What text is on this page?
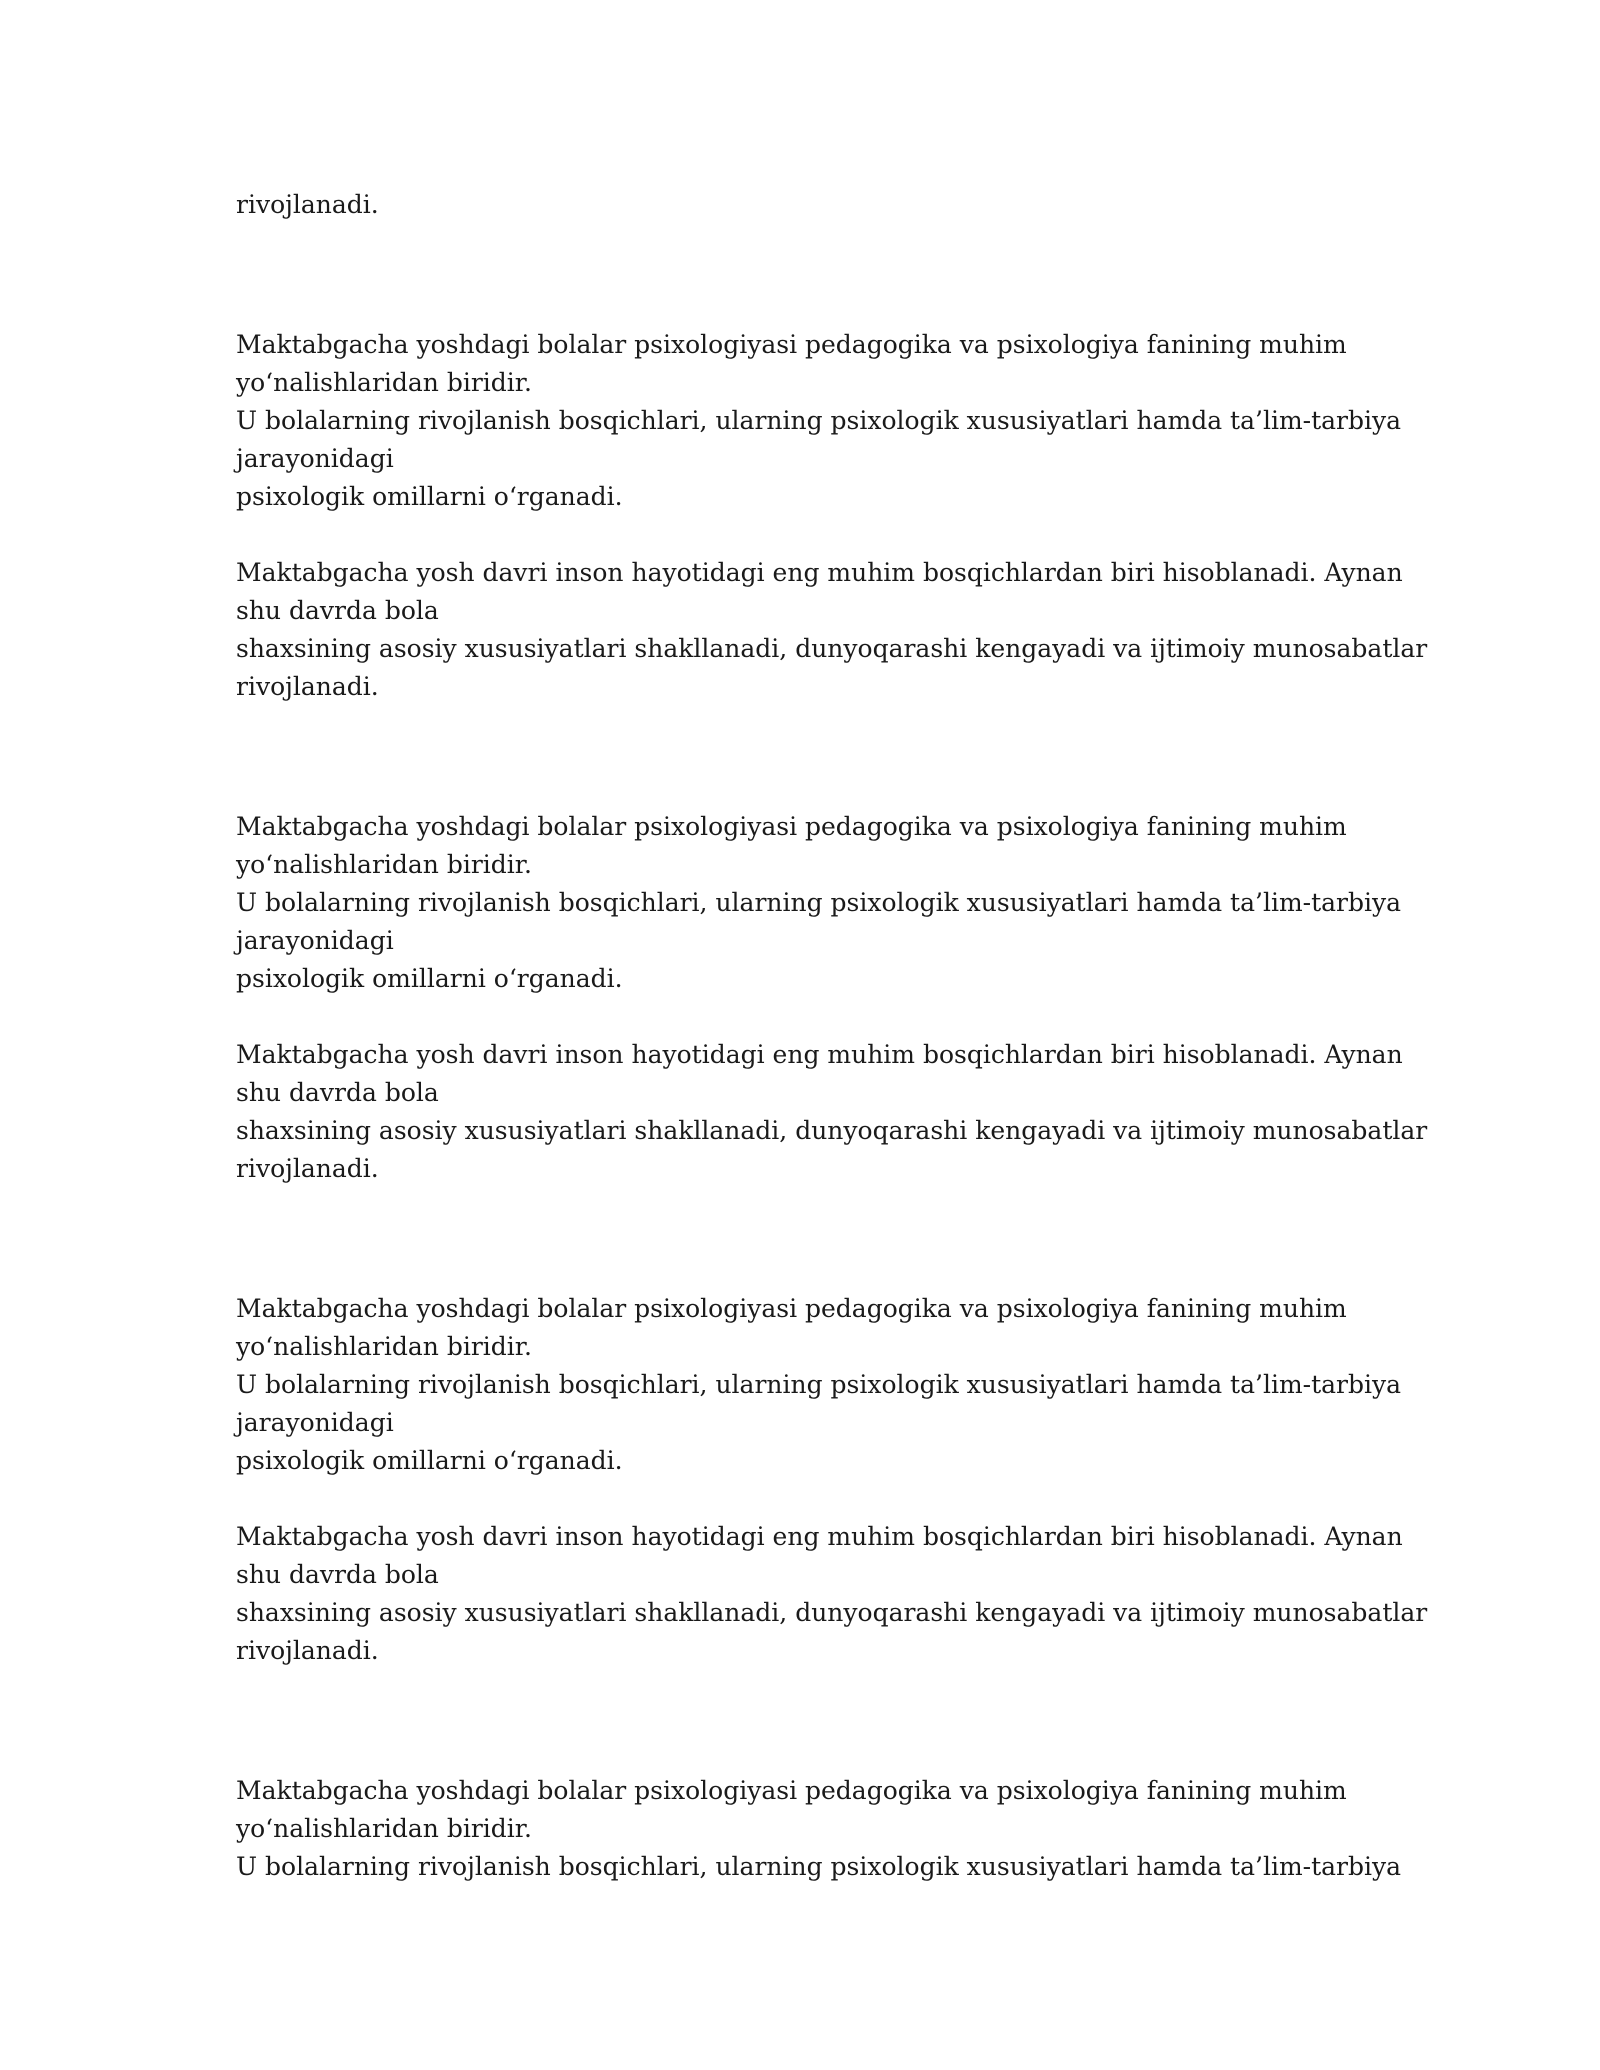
rivojlanadi.
Maktabgacha yoshdagi bolalar psixologiyasi pedagogika va psixologiya fanining muhim
yo‘nalishlaridan biridir.
U bolalarning rivojlanish bosqichlari, ularning psixologik xususiyatlari hamda ta’lim-tarbiya
jarayonidagi
psixologik omillarni o‘rganadi.
Maktabgacha yosh davri inson hayotidagi eng muhim bosqichlardan biri hisoblanadi. Aynan
shu davrda bola
shaxsining asosiy xususiyatlari shakllanadi, dunyoqarashi kengayadi va ijtimoiy munosabatlar
rivojlanadi.
Maktabgacha yoshdagi bolalar psixologiyasi pedagogika va psixologiya fanining muhim
yo‘nalishlaridan biridir.
U bolalarning rivojlanish bosqichlari, ularning psixologik xususiyatlari hamda ta’lim-tarbiya
jarayonidagi
psixologik omillarni o‘rganadi.
Maktabgacha yosh davri inson hayotidagi eng muhim bosqichlardan biri hisoblanadi. Aynan
shu davrda bola
shaxsining asosiy xususiyatlari shakllanadi, dunyoqarashi kengayadi va ijtimoiy munosabatlar
rivojlanadi.
Maktabgacha yoshdagi bolalar psixologiyasi pedagogika va psixologiya fanining muhim
yo‘nalishlaridan biridir.
U bolalarning rivojlanish bosqichlari, ularning psixologik xususiyatlari hamda ta’lim-tarbiya
jarayonidagi
psixologik omillarni o‘rganadi.
Maktabgacha yosh davri inson hayotidagi eng muhim bosqichlardan biri hisoblanadi. Aynan
shu davrda bola
shaxsining asosiy xususiyatlari shakllanadi, dunyoqarashi kengayadi va ijtimoiy munosabatlar
rivojlanadi.
Maktabgacha yoshdagi bolalar psixologiyasi pedagogika va psixologiya fanining muhim
yo‘nalishlaridan biridir.
U bolalarning rivojlanish bosqichlari, ularning psixologik xususiyatlari hamda ta’lim-tarbiya
